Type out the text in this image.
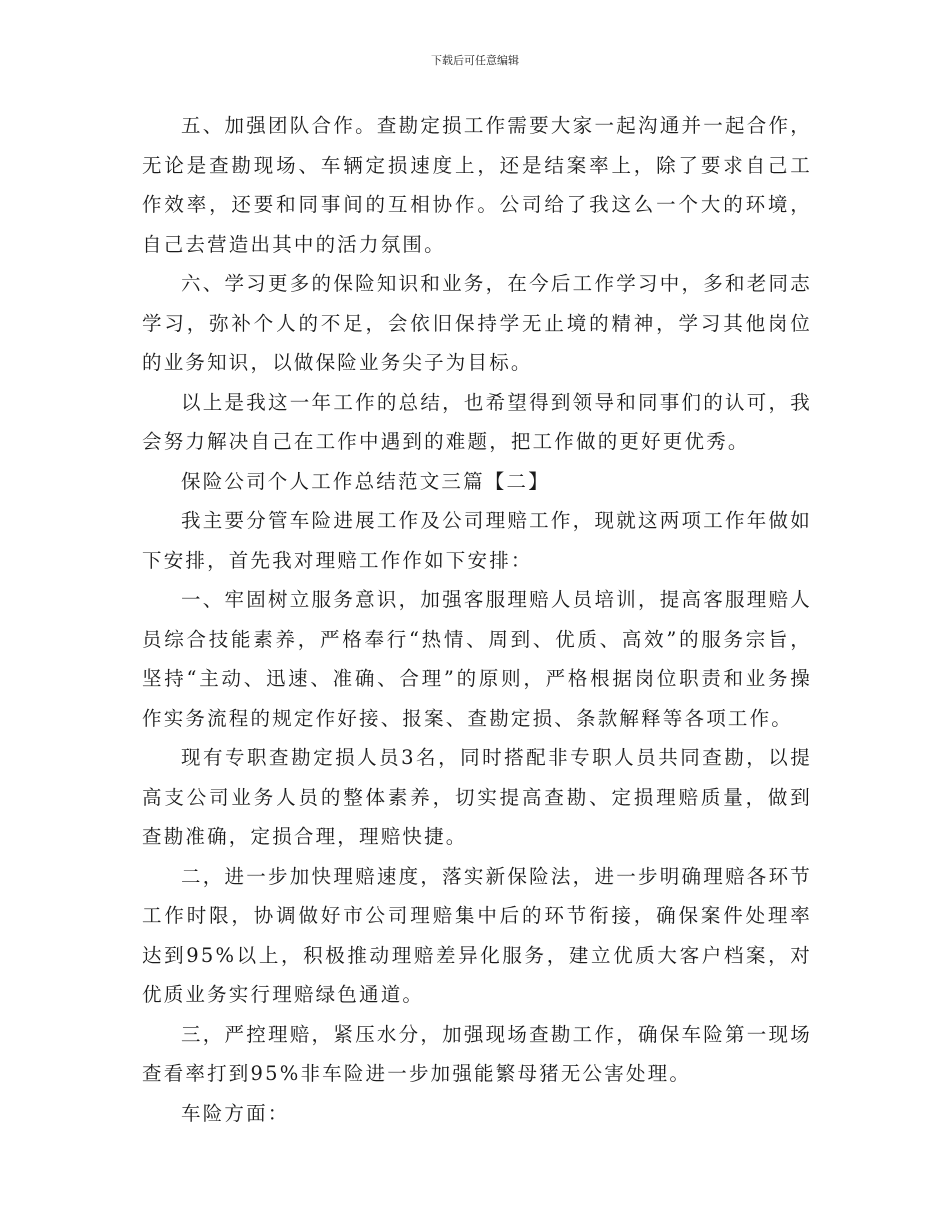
下载后可任意编辑

五、加强团队合作。查勘定损工作需要大家一起沟通并一起合作，无论是查勘现场、车辆定损速度上，还是结案率上，除了要求自己工作效率，还要和同事间的互相协作。公司给了我这么一个大的环境，自己去营造出其中的活力氛围。

六、学习更多的保险知识和业务，在今后工作学习中，多和老同志学习，弥补个人的不足，会依旧保持学无止境的精神，学习其他岗位的业务知识，以做保险业务尖子为目标。

以上是我这一年工作的总结，也希望得到领导和同事们的认可，我会努力解决自己在工作中遇到的难题，把工作做的更好更优秀。

保险公司个人工作总结范文三篇【二】

我主要分管车险进展工作及公司理赔工作，现就这两项工作年做如下安排，首先我对理赔工作作如下安排：

一、牢固树立服务意识，加强客服理赔人员培训，提高客服理赔人员综合技能素养，严格奉行“热情、周到、优质、高效”的服务宗旨，坚持“主动、迅速、准确、合理”的原则，严格根据岗位职责和业务操作实务流程的规定作好接、报案、查勘定损、条款解释等各项工作。

现有专职查勘定损人员3名，同时搭配非专职人员共同查勘，以提高支公司业务人员的整体素养，切实提高查勘、定损理赔质量，做到查勘准确，定损合理，理赔快捷。

二，进一步加快理赔速度，落实新保险法，进一步明确理赔各环节工作时限，协调做好市公司理赔集中后的环节衔接，确保案件处理率达到95%以上，积极推动理赔差异化服务，建立优质大客户档案，对优质业务实行理赔绿色通道。

三，严控理赔，紧压水分，加强现场查勘工作，确保车险第一现场查看率打到95%非车险进一步加强能繁母猪无公害处理。

车险方面：
